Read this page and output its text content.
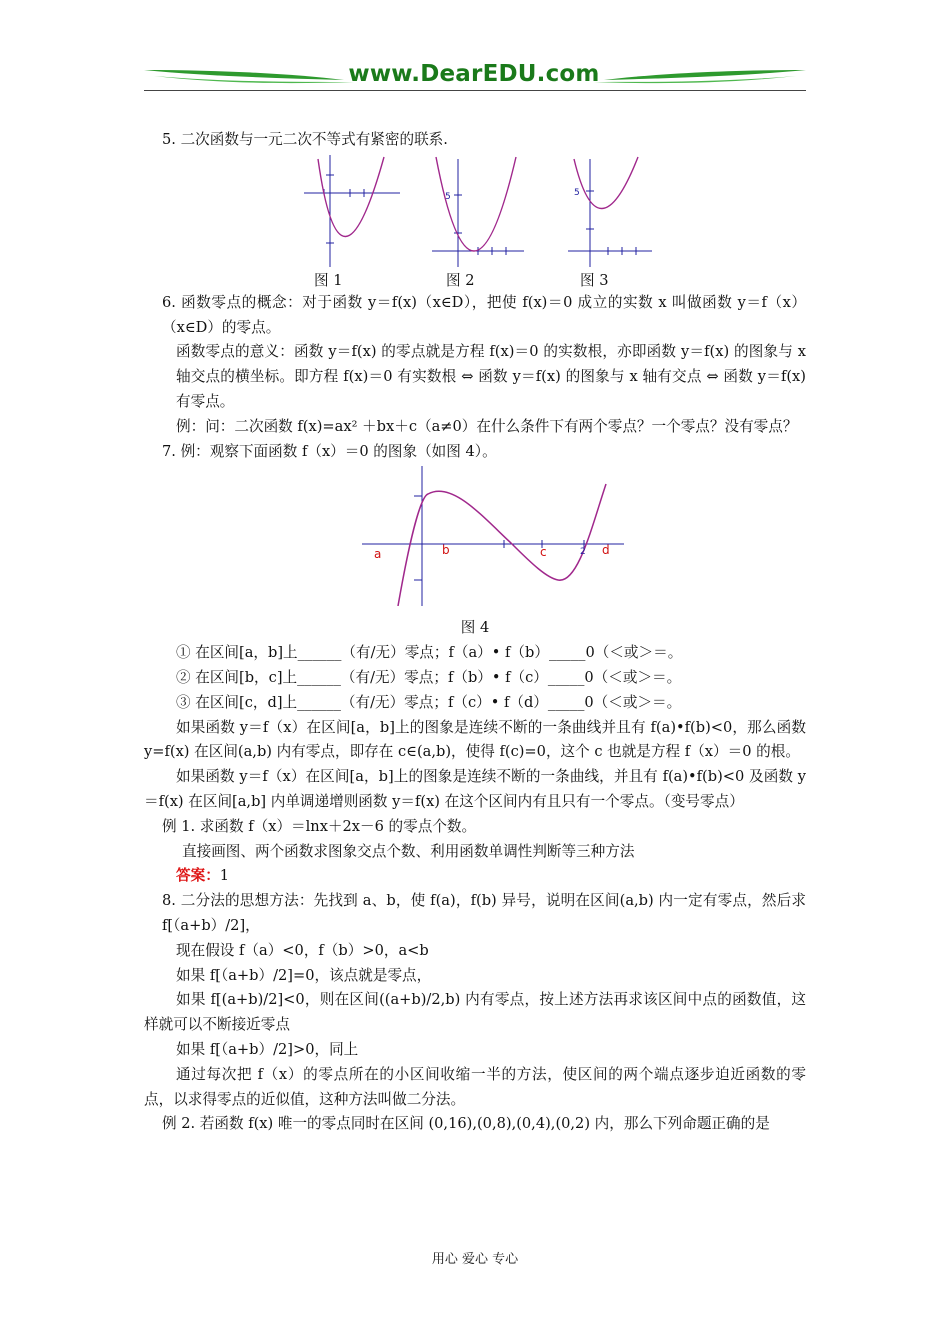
www.DearEDU.com

5. 二次函数与一元二次不等式有紧密的联系.

图 1
5
图 2
5
图 3

6. 函数零点的概念：对于函数 y＝f(x)（x∈D），把使 f(x)＝0 成立的实数 x 叫做函数 y＝f（x）（x∈D）的零点。

函数零点的意义：函数 y＝f(x) 的零点就是方程 f(x)＝0 的实数根，亦即函数 y＝f(x) 的图象与 x 轴交点的横坐标。即方程 f(x)＝0 有实数根 ⇔ 函数 y＝f(x) 的图象与 x 轴有交点 ⇔ 函数 y＝f(x) 有零点。

例：问：二次函数 f(x)=ax² ＋bx＋c（a≠0）在什么条件下有两个零点？一个零点？没有零点？

7. 例：观察下面函数 f（x）＝0 的图象（如图 4）。

a	b	c	2 d

图 4

① 在区间[a，b]上______（有/无）零点；f（a）• f（b）_____0（＜或＞＝。

② 在区间[b，c]上______（有/无）零点；f（b）• f（c）_____0（＜或＞＝。

③ 在区间[c，d]上______（有/无）零点；f（c）• f（d）_____0（＜或＞＝。

如果函数 y＝f（x）在区间[a，b]上的图象是连续不断的一条曲线并且有 f(a)•f(b)<0，那么函数 y=f(x) 在区间(a,b) 内有零点，即存在 c∈(a,b)，使得 f(c)=0，这个 c 也就是方程 f（x）＝0 的根。

如果函数 y＝f（x）在区间[a，b]上的图象是连续不断的一条曲线，并且有 f(a)•f(b)<0 及函数 y＝f(x) 在区间[a,b] 内单调递增则函数 y＝f(x) 在这个区间内有且只有一个零点。（变号零点）

例 1. 求函数 f（x）＝lnx＋2x－6 的零点个数。

直接画图、两个函数求图象交点个数、利用函数单调性判断等三种方法

答案：1

8. 二分法的思想方法：先找到 a、b，使 f(a)，f(b) 异号，说明在区间(a,b) 内一定有零点，然后求 f[（a+b）/2]，

现在假设 f（a）<0，f（b）>0，a<b

如果 f[（a+b）/2]=0，该点就是零点，

如果 f[(a+b)/2]<0，则在区间((a+b)/2,b) 内有零点，按上述方法再求该区间中点的函数值，这样就可以不断接近零点

如果 f[（a+b）/2]>0，同上

通过每次把 f（x）的零点所在的小区间收缩一半的方法，使区间的两个端点逐步迫近函数的零点，以求得零点的近似值，这种方法叫做二分法。

例 2. 若函数 f(x) 唯一的零点同时在区间 (0,16),(0,8),(0,4),(0,2) 内，那么下列命题正确的是

用心 爱心 专心
